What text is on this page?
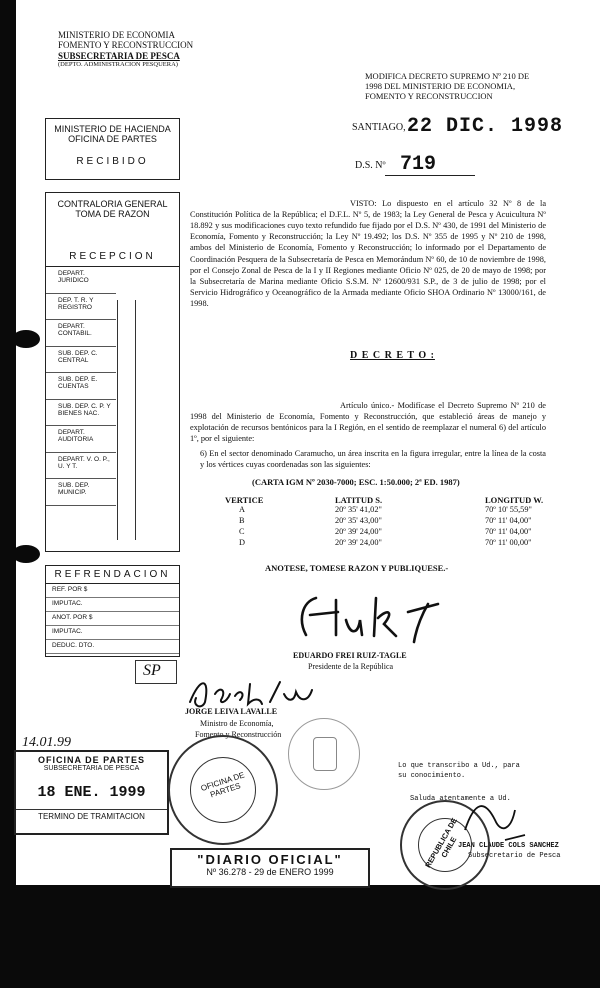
MINISTERIO DE ECONOMIA
FOMENTO Y RECONSTRUCCION
SUBSECRETARIA DE PESCA
(DEPTO. ADMINISTRACION PESQUERA)
MODIFICA DECRETO SUPREMO Nº 210 DE 1998 DEL MINISTERIO DE ECONOMIA, FOMENTO Y RECONSTRUCCION
SANTIAGO, 22 DIC. 1998
D.S. Nº 719
MINISTERIO DE HACIENDA
OFICINA DE PARTES
RECIBIDO
CONTRALORIA GENERAL
TOMA DE RAZON
RECEPCION
DEPART. JURIDICO
DEP. T. R. Y REGISTRO
DEPART. CONTABIL.
SUB. DEP. C. CENTRAL
SUB. DEP. E. CUENTAS
SUB. DEP. C. P. Y BIENES NAC.
DEPART. AUDITORIA
DEPART. V. O. P., U. Y T.
SUB. DEP. MUNICIP.
REFRENDACION
REF. POR $
IMPUTAC.
ANOT. POR $
IMPUTAC.
DEDUC. DTO.
SP
VISTO: Lo dispuesto en el artículo 32 Nº 8 de la Constitución Política de la República; el D.F.L. Nº 5, de 1983; la Ley General de Pesca y Acuicultura Nº 18.892 y sus modificaciones cuyo texto refundido fue fijado por el D.S. Nº 430, de 1991 del Ministerio de Economía, Fomento y Reconstrucción; la Ley Nº 19.492; los D.S. Nº 355 de 1995 y Nº 210 de 1998, ambos del Ministerio de Economía, Fomento y Reconstrucción; lo informado por el Departamento de Coordinación Pesquera de la Subsecretaría de Pesca en Memorándum Nº 60, de 10 de noviembre de 1998, por el Consejo Zonal de Pesca de la I y II Regiones mediante Oficio Nº 025, de 20 de mayo de 1998; por la Subsecretaría de Marina mediante Oficio S.S.M. Nº 12600/931 S.P., de 3 de julio de 1998; por el Servicio Hidrográfico y Oceanográfico de la Armada mediante Oficio SHOA Ordinario Nº 13000/161, de 1998.
D E C R E T O :
Artículo único.- Modifícase el Decreto Supremo Nº 210 de 1998 del Ministerio de Economía, Fomento y Reconstrucción, que estableció áreas de manejo y explotación de recursos bentónicos para la I Región, en el sentido de reemplazar el numeral 6) del artículo 1º, por el siguiente:
6) En el sector denominado Caramucho, un área inscrita en la figura irregular, entre la línea de la costa y los vértices cuyas coordenadas son las siguientes:
(CARTA IGM Nº 2030-7000; ESC. 1:50.000; 2ª ED. 1987)
VERTICE	LATITUD S.	LONGITUD W.
A	20º 35' 41,02"	70º 10' 55,59"
B	20º 35' 43,00"	70º 11' 04,00"
C	20º 39' 24,00"	70º 11' 04,00"
D	20º 39' 24,00"	70º 11' 00,00"
ANOTESE, TOMESE RAZON Y PUBLIQUESE.-
EDUARDO FREI RUIZ-TAGLE
Presidente de la República
JORGE LEIVA LAVALLE
Ministro de Economía,
Fomento y Reconstrucción
14.01.99
OFICINA DE PARTES
SUBSECRETARIA DE PESCA
18 ENE. 1999
TERMINO DE TRAMITACION
OFICINA DE PARTES
Lo que transcribo a Ud., para
su conocimiento.
Saluda atentamente a Ud.
JEAN CLAUDE COLS SANCHEZ
Subsecretario de Pesca
REPUBLICA DE CHILE
"DIARIO OFICIAL"
Nº 36.278 - 29 de ENERO 1999
